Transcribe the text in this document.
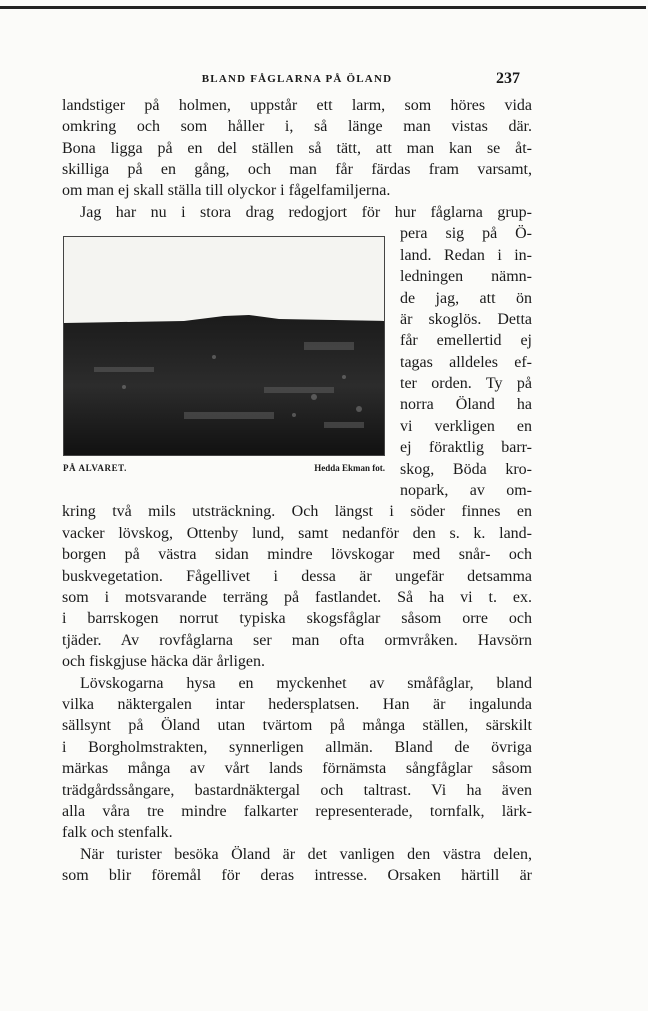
BLAND FÅGLARNA PÅ ÖLAND	237
landstiger på holmen, uppstår ett larm, som höres vida
omkring och som håller i, så länge man vistas där.
Bona ligga på en del ställen så tätt, att man kan se åt-
skilliga på en gång, och man får färdas fram varsamt,
om man ej skall ställa till olyckor i fågelfamiljerna.
Jag har nu i stora drag redogjort för hur fåglarna grup-
PÅ ALVARET.	Hedda Ekman fot.
pera sig på Ö-
land. Redan i in-
ledningen nämn-
de jag, att ön
är skoglös. Detta
får emellertid ej
tagas alldeles ef-
ter orden. Ty på
norra Öland ha
vi verkligen en
ej föraktlig barr-
skog, Böda kro-
nopark, av om-
kring två mils utsträckning. Och längst i söder finnes en
vacker lövskog, Ottenby lund, samt nedanför den s. k. land-
borgen på västra sidan mindre lövskogar med snår- och
buskvegetation. Fågellivet i dessa är ungefär detsamma
som i motsvarande terräng på fastlandet. Så ha vi t. ex.
i barrskogen norrut typiska skogsfåglar såsom orre och
tjäder. Av rovfåglarna ser man ofta ormvråken. Havsörn
och fiskgjuse häcka där årligen.
Lövskogarna hysa en myckenhet av småfåglar, bland
vilka näktergalen intar hedersplatsen. Han är ingalunda
sällsynt på Öland utan tvärtom på många ställen, särskilt
i Borgholmstrakten, synnerligen allmän. Bland de övriga
märkas många av vårt lands förnämsta sångfåglar såsom
trädgårdssångare, bastardnäktergal och taltrast. Vi ha även
alla våra tre mindre falkarter representerade, tornfalk, lärk-
falk och stenfalk.
När turister besöka Öland är det vanligen den västra delen,
som blir föremål för deras intresse. Orsaken härtill är
